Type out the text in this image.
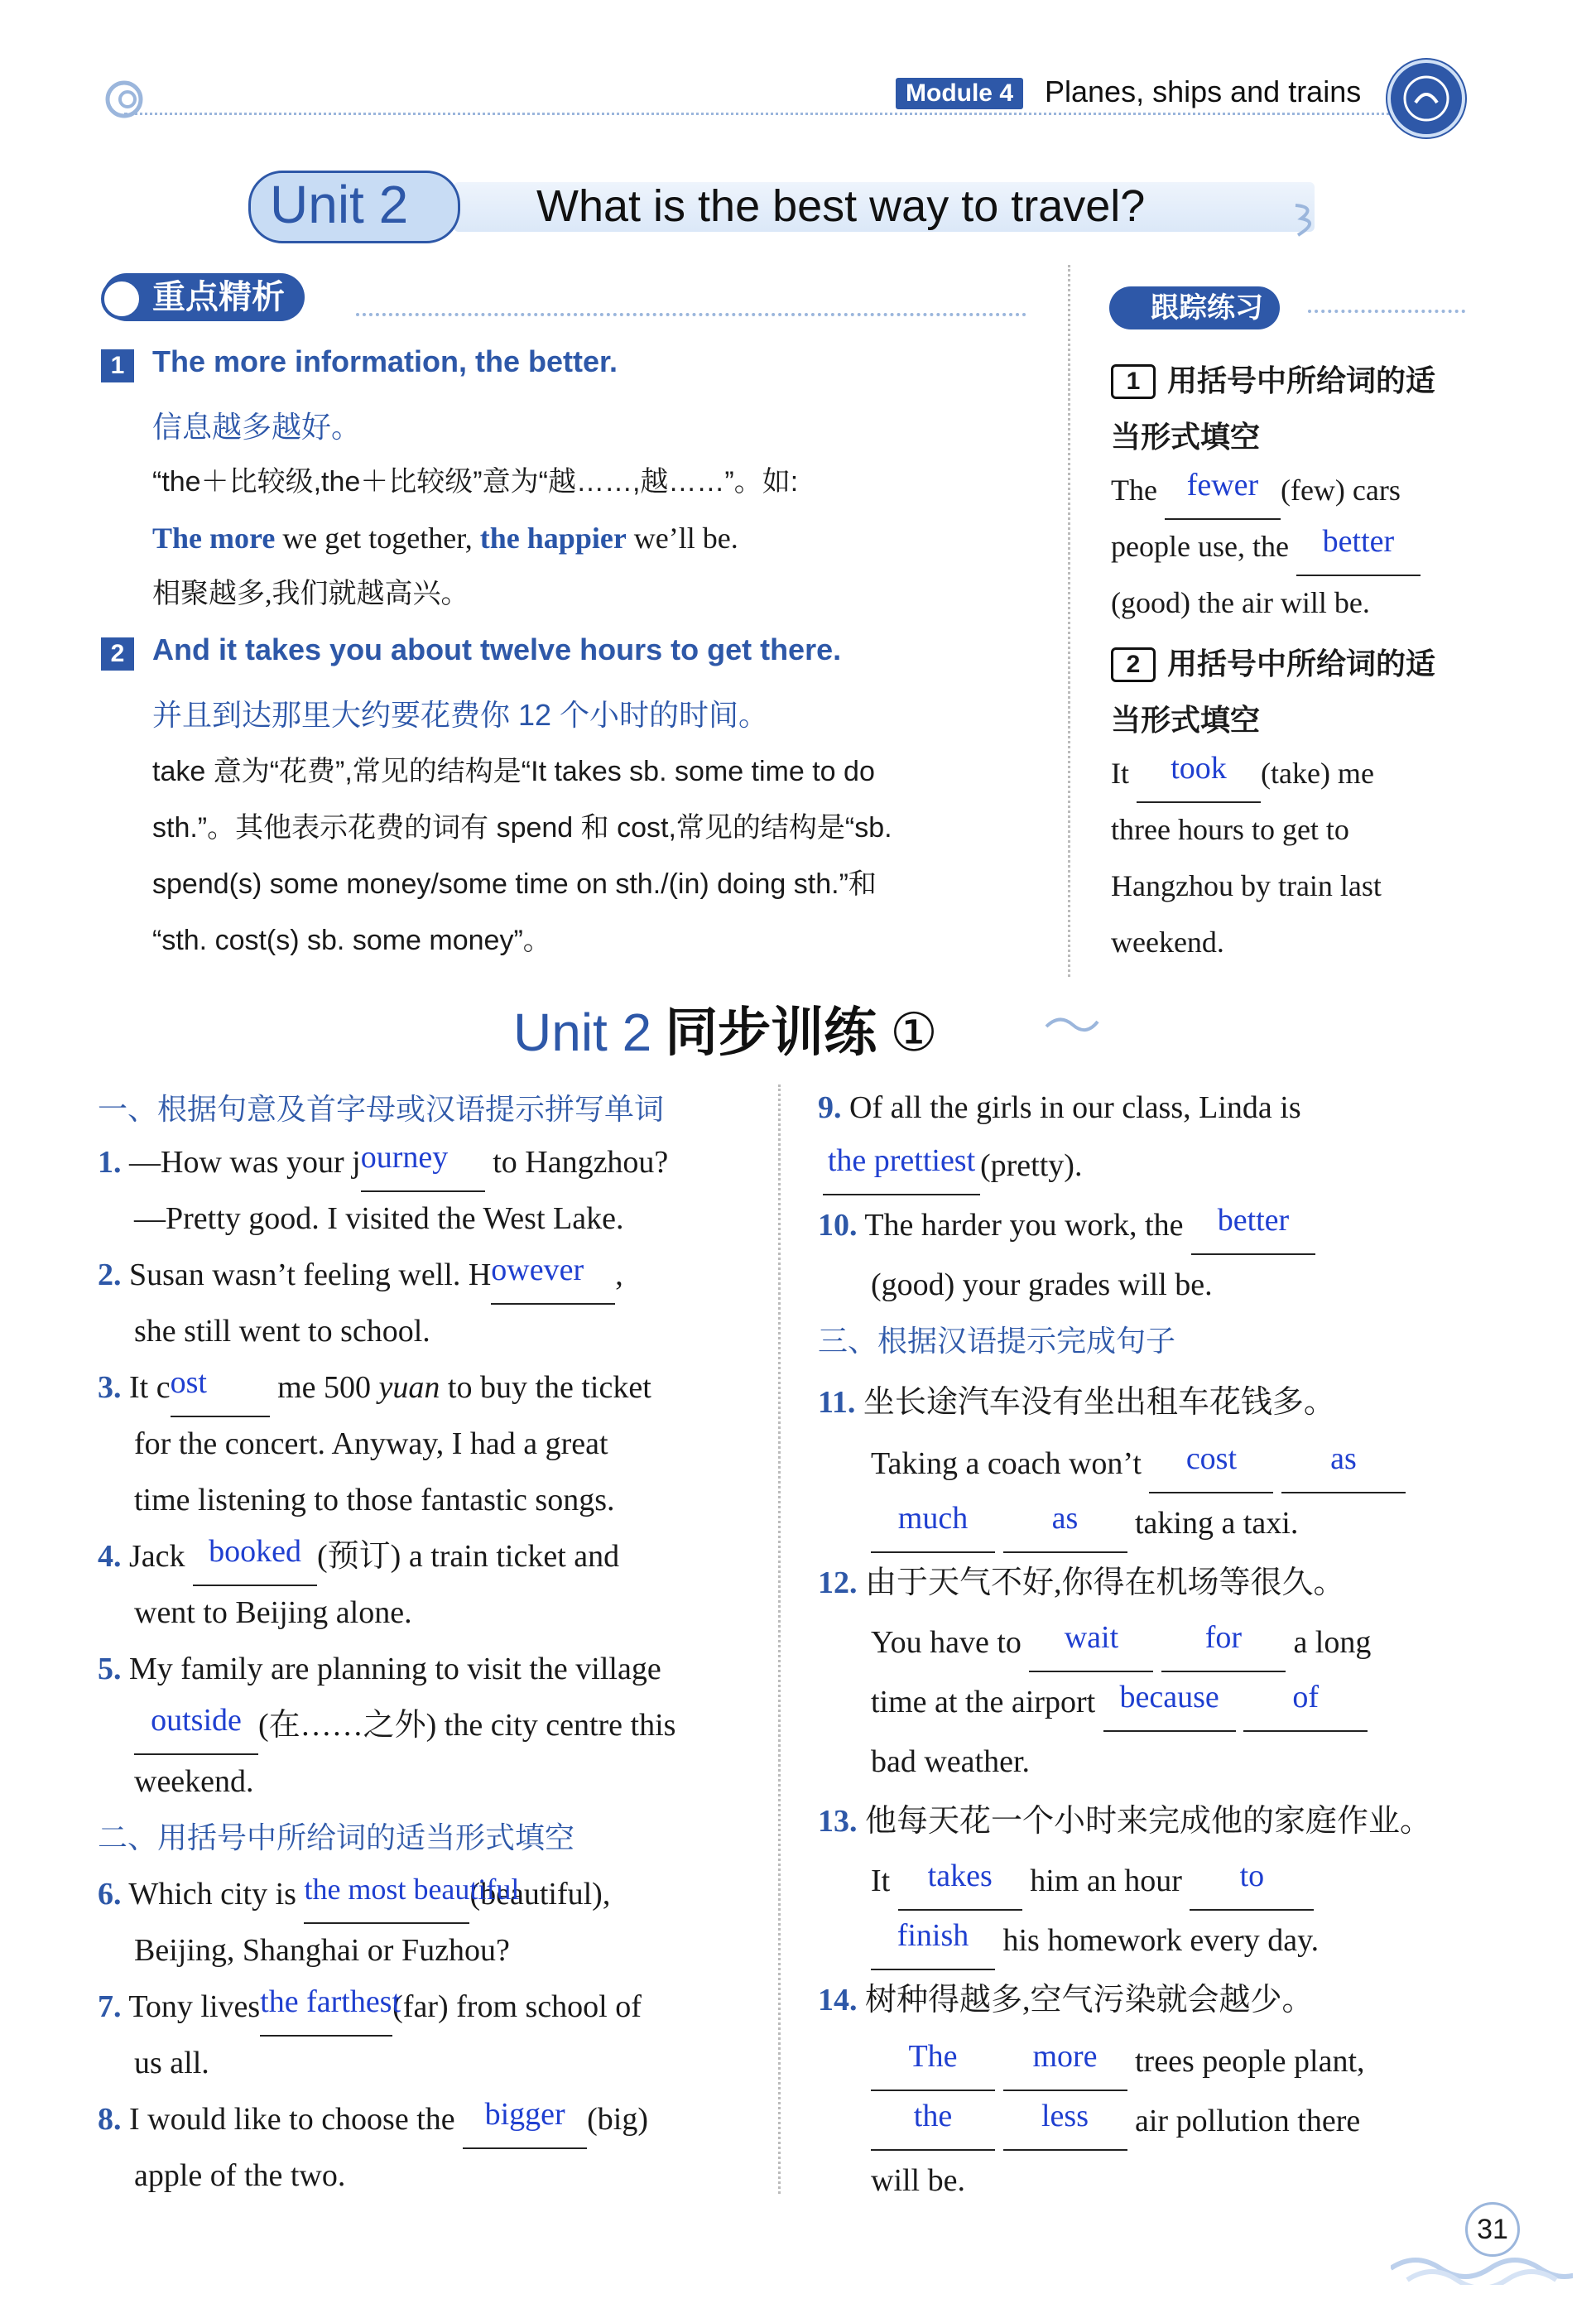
Module 4	Planes, ships and trains
Unit 2	What is the best way to travel?
重点精析
1 The more information, the better.
信息越多越好。
“the＋比较级,the＋比较级”意为“越……,越……”。如:
The more we get together, the happier we’ll be.
相聚越多,我们就越高兴。
2 And it takes you about twelve hours to get there.
并且到达那里大约要花费你 12 个小时的时间。
take 意为“花费”,常见的结构是“It takes sb. some time to do
sth.”。其他表示花费的词有 spend 和 cost,常见的结构是“sb.
spend(s) some money/some time on sth./(in) doing sth.”和
“sth. cost(s) sb. some money”。
跟踪练习
1 用括号中所给词的适
当形式填空
The fewer (few) cars
people use, the better
(good) the air will be.
2 用括号中所给词的适
当形式填空
It took (take) me
three hours to get to
Hangzhou by train last
weekend.
Unit 2 同步训练 ①
一、根据句意及首字母或汉语提示拼写单词
1. —How was your journey to Hangzhou?
—Pretty good. I visited the West Lake.
2. Susan wasn’t feeling well. However ,
she still went to school.
3. It cost me 500 yuan to buy the ticket
for the concert. Anyway, I had a great
time listening to those fantastic songs.
4. Jack booked (预订) a train ticket and
went to Beijing alone.
5. My family are planning to visit the village
outside (在……之外) the city centre this
weekend.
二、用括号中所给词的适当形式填空
6. Which city is the most beautiful(beautiful),
Beijing, Shanghai or Fuzhou?
7. Tony livesthe farthest(far) from school of
us all.
8. I would like to choose the bigger (big)
apple of the two.
9. Of all the girls in our class, Linda is
the prettiest (pretty).
10. The harder you work, the better
(good) your grades will be.
三、根据汉语提示完成句子
11. 坐长途汽车没有坐出租车花钱多。
Taking a coach won’t cost	as
much	as taking a taxi.
12. 由于天气不好,你得在机场等很久。
You have to wait	for a long
time at the airport because of
bad weather.
13. 他每天花一个小时来完成他的家庭作业。
It takes him an hour to
finish his homework every day.
14. 树种得越多,空气污染就会越少。
The more trees people plant,
the	less air pollution there
will be.
31
